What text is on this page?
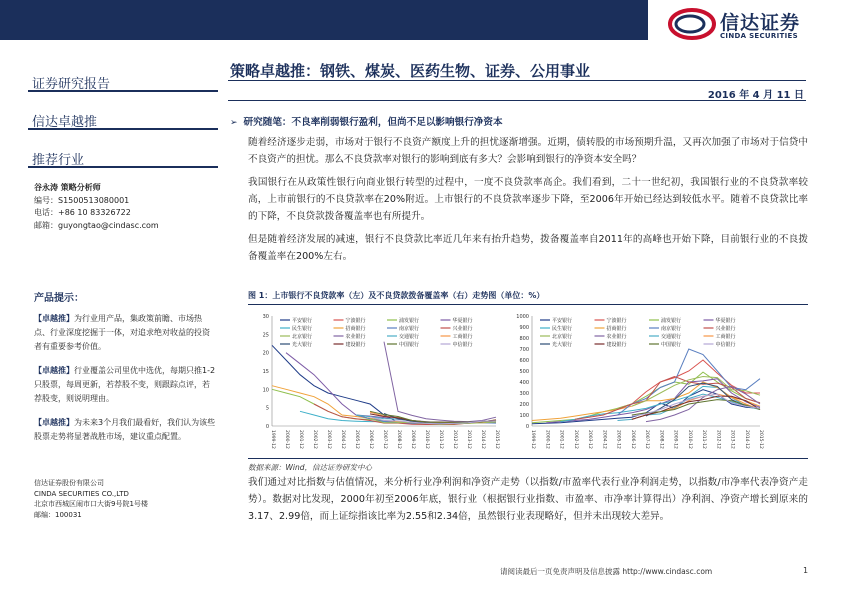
信达证券
CINDA SECURITIES
证券研究报告
信达卓越推
推荐行业
谷永涛 策略分析师
编号：S1500513080001
电话：+86 10 83326722
邮箱：guyongtao@cindasc.com
产品提示：

【卓越推】为行业用产品，集政策前瞻、市场热点、行业深度挖掘于一体，对追求绝对收益的投资者有重要参考价值。

【卓越推】行业覆盖公司里优中选优，每期只推1-2只股票，每周更新，若荐股不变，则跟踪点评，若荐股变，则说明理由。

【卓越推】为未来3个月我们最看好，我们认为该些股票走势将显著战胜市场，建议重点配置。

信达证券股份有限公司
CINDA SECURITIES CO.,LTD
北京市西城区闹市口大街9号院1号楼
邮编：100031
策略卓越推：钢铁、煤炭、医药生物、证券、公用事业
2016 年 4 月 11 日
➢ 研究随笔：不良率削弱银行盈利，但尚不足以影响银行净资本
随着经济逐步走弱，市场对于银行不良资产额度上升的担忧逐渐增强。近期，债转股的市场预期升温，又再次加强了市场对于信贷中不良资产的担忧。那么不良贷款率对银行的影响到底有多大？会影响到银行的净资本安全吗？
我国银行在从政策性银行向商业银行转型的过程中，一度不良贷款率高企。我们看到，二十一世纪初，我国银行业的不良贷款率较高，上市前银行的不良贷款率在20%附近。上市银行的不良贷款率逐步下降，至2006年开始已经达到较低水平。随着不良贷款比率的下降，不良贷款拨备覆盖率也有所提升。
但是随着经济发展的减速，银行不良贷款比率近几年来有抬升趋势，拨备覆盖率自2011年的高峰也开始下降，目前银行业的不良拨备覆盖率在200%左右。
图 1：上市银行不良贷款率（左）及不良贷款拨备覆盖率（右）走势图（单位：%）
0
5
10
15
20
25
30
1999-12 2000-12 2001-12 2002-12 2003-12 2004-12 2005-12 2006-12 2007-12 2008-12 2009-12 2010-12 2011-12 2012-12 2013-12 2014-12 2015-12
平安银行	宁波银行	浦发银行	华夏银行
民生银行	招商银行	南京银行	兴业银行
北京银行	农业银行	交通银行	工商银行
光大银行	建设银行	中国银行	中信银行
0
100
200
300
400
500
600
700
800
900
1000
1999-12 2000-12 2001-12 2002-12 2003-12 2004-12 2005-12 2006-12 2007-12 2008-12 2009-12 2010-12 2011-12 2012-12 2013-12 2014-12 2015-12
平安银行	宁波银行	浦发银行	华夏银行
民生银行	招商银行	南京银行	兴业银行
北京银行	农业银行	交通银行	工商银行
光大银行	建设银行	中国银行	中信银行
数据来源：Wind，信达证券研发中心
我们通过对比指数与估值情况，来分析行业净利润和净资产走势（以指数/市盈率代表行业净利润走势，以指数/市净率代表净资产走势）。数据对比发现，2000年初至2006年底，银行业（根据银行业指数、市盈率、市净率计算得出）净利润、净资产增长到原来的3.17、2.99倍，而上证综指该比率为2.55和2.34倍，虽然银行业表现略好，但并未出现较大差异。
请阅读最后一页免责声明及信息披露 http://www.cindasc.com	1
